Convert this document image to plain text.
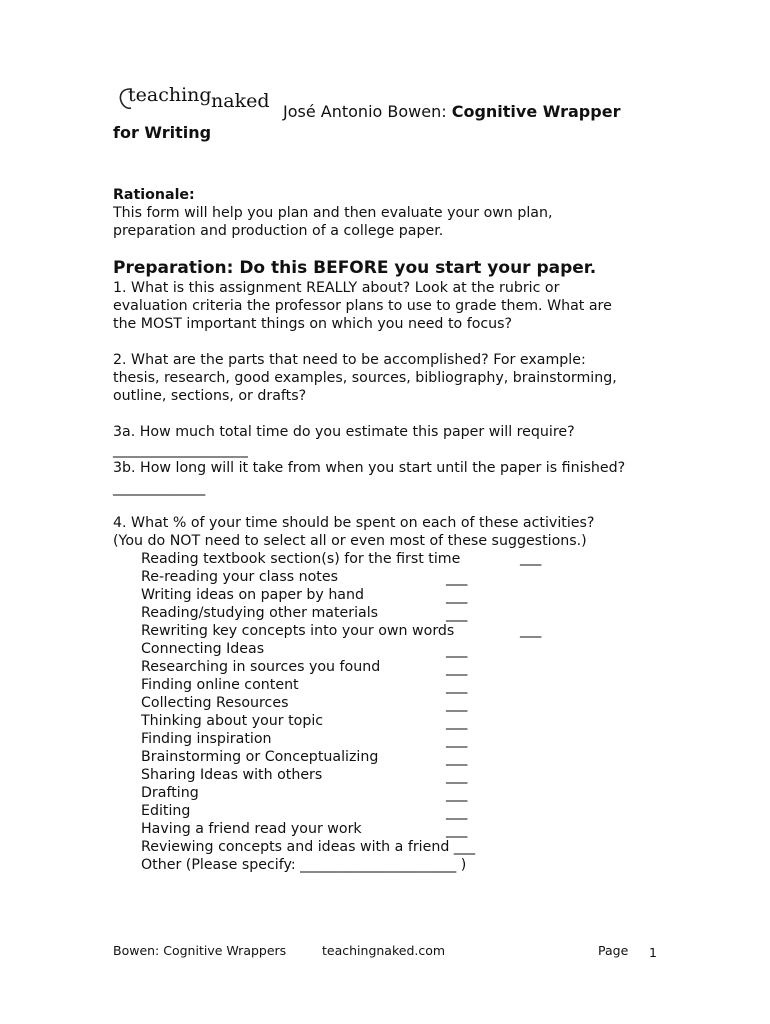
teaching naked José Antonio Bowen: Cognitive Wrapper
for Writing
Rationale:
This form will help you plan and then evaluate your own plan,
preparation and production of a college paper.
Preparation: Do this BEFORE you start your paper.
1. What is this assignment REALLY about? Look at the rubric or
evaluation criteria the professor plans to use to grade them. What are
the MOST important things on which you need to focus?
2. What are the parts that need to be accomplished? For example:
thesis, research, good examples, sources, bibliography, brainstorming,
outline, sections, or drafts?
3a. How much total time do you estimate this paper will require?
___________________
3b. How long will it take from when you start until the paper is finished?
_____________
4. What % of your time should be spent on each of these activities?
(You do NOT need to select all or even most of these suggestions.)
Reading textbook section(s) for the first time	___
Re-reading your class notes	___
Writing ideas on paper by hand	___
Reading/studying other materials	___
Rewriting key concepts into your own words	___
Connecting Ideas	___
Researching in sources you found	___
Finding online content	___
Collecting Resources	___
Thinking about your topic	___
Finding inspiration	___
Brainstorming or Conceptualizing	___
Sharing Ideas with others	___
Drafting	___
Editing	___
Having a friend read your work	___
Reviewing concepts and ideas with a friend ___
Other (Please specify: ______________________ )
Bowen: Cognitive Wrappers	teachingnaked.com	Page 1
